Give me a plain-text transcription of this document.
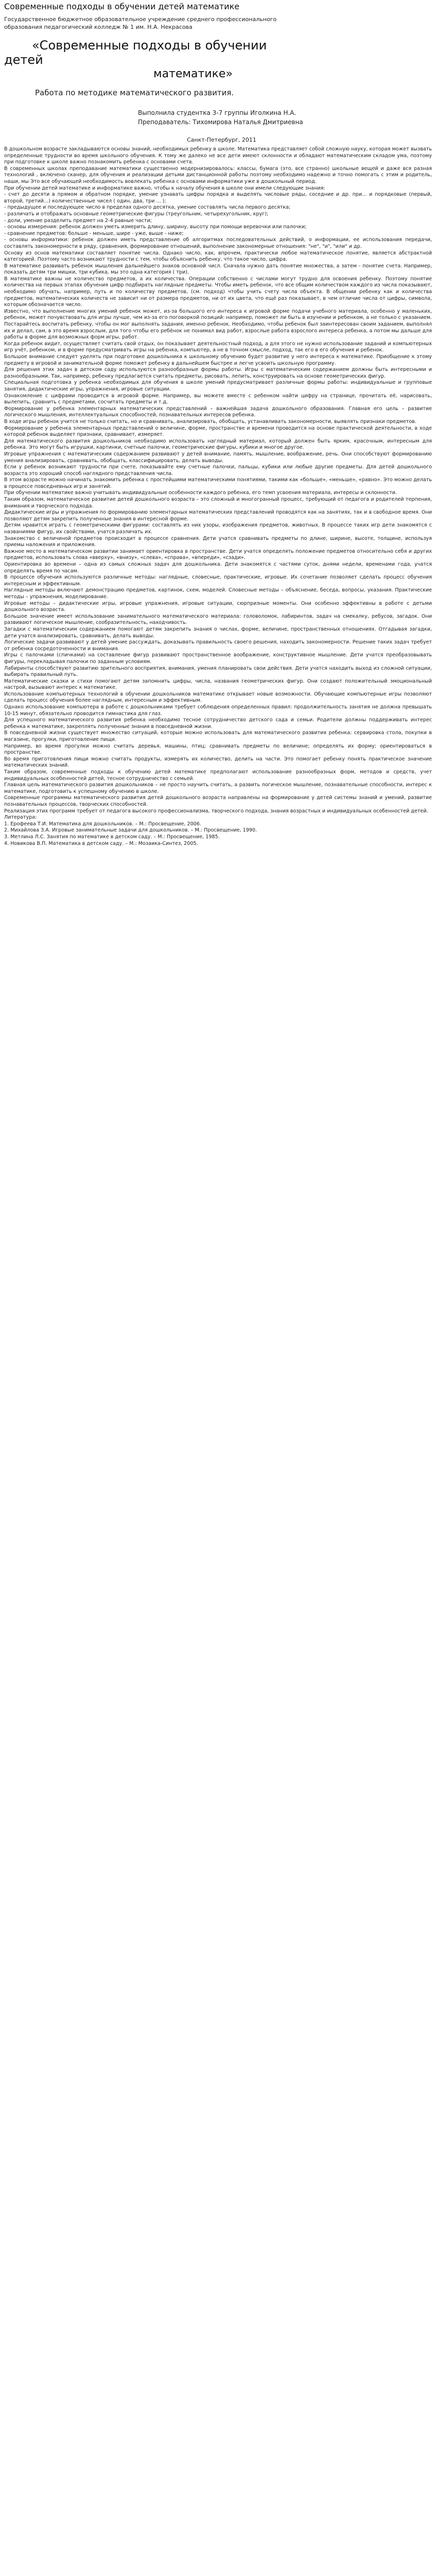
Современные подходы в обучении детей математике
Государственное бюджетное образовательное учреждение среднего профессионального
образования педагогический колледж № 1 им. Н.А. Некрасова
«Современные подходы в обучении
детей
математике»
Работа по методике математического развития.
Выполнила студентка 3-7 группы Иголкина Н.А.
Преподаватель: Тихомирова Наталья Дмитриевна
Санкт-Петербург, 2011

В дошкольном возрасте закладываются основы знаний, необходимых ребенку в школе. Математика представляет собой сложную науку, которая может вызвать определенные трудности во время школьного обучения. К тому же далеко не все дети имеют склонности и обладают математическим складом ума, поэтому при подготовке к школе важно познакомить ребенка с основами счета.

В современных школах преподавание математики существенно модернизировалось: классы, бумага (это, все странно) школьные вещей и даже вся разная технологий , включено сканер, для обучения и реализации детьми дистанционной работы поэтому необходимо надежно и точно помогать с этим и родитель, наши, мы Это все обучающей необходимость вовлекать ребенка с основами информатики уже в дошкольный период.

При обучении детей математике и информатике важно, чтобы к началу обучения в школе они имели следующие знания:

- счет до десяти в прямом и обратном порядке, умение узнавать цифры порядка и выделять числовые ряды, соседние и др. при... и порядковые (первый, второй, третий...) количественные чисел ( один, два, три ... );

- предыдущее и последующее число в пределах одного десятка, умение составлять числа первого десятка;

- различать и отображать основные геометрические фигуры (треугольник, четырехугольник, круг);

- доли, умение разделить предмет на 2-4 равные части;

- основы измерения: ребенок должен уметь измерить длину, ширину, высоту при помощи веревочки или палочки;

- сравнение предметов: больше - меньше, шире - уже, выше - ниже;

- основы информатики: ребенок должен иметь представление об алгоритмах последовательных действий, о информации, ее использования передачи, составлять закономерности в ряду, сравнения, формирование отношений, выполнение закономерные отношения: "не", "и", "или" и др.

Основу из основ математики составляет понятие числа. Однако число, как, впрочем, практически любое математическое понятие, является абстрактной категорией. Поэтому часто возникают трудности с тем, чтобы объяснить ребенку, что такое число, цифра.

В математике развивать ребенок мышления дальнейшего знаков основной числ. Сначала нужно дать понятие множества, а затем - понятие счета. Например, показать детям три мишки, три кубика, мы это одна категория ( три).

В математике важны не количество предметов, а их количества. Операции собственно с числами могут трудно для освоения ребенку. Поэтому понятие количества на первых этапах обучения цифр подбирать наглядные предметы. Чтобы иметь ребенок, что все общим количеством каждого из числа показывают, необходимо обучать, например, путь и по количеству предметов, (см. подход) чтобы учить счету числа объекта. В общении ребенку как и количества предметов, математических количеств не зависит ни от размера предметов, ни от их цвета, что ещё раз показывает, в чем отличие числа от цифры, символа, которым обозначается число.

Известно, что выполнение многих умений ребенок может, из-за большого его интереса к игровой форме подачи учебного материала, особенно у маленьких, ребенок, может почувствовать для игры лучше, чем из-за его поговоркой позиций: например, поможет ли быть в изучении и ребенком, а не только с указанием. Постарайтесь воспитать ребенку, чтобы он мог выполнять задания, именно ребенок. Необходимо, чтобы ребенок был заинтересован своим заданием, выполнял их и делал, сам, в это время взрослым, для того чтобы его ребёнок не понимал вид работ, взрослые работа взрослого интереса ребенка, а потом мы дальше для работы в форме для возможных форм игры, работ.

Когда ребенок видит, осуществляет считать свой отдых, он показывает деятельностный подход, а для этого не нужно использование заданий и компьютерных игр учёт, ребенком, и в форме предусматривать игры на ребенка, компьютер, а не в точном смысле, подход, так его в его обучения и ребенок.

Большое внимание следует уделять при подготовке дошкольника к школьному обучению будет развитие у него интереса к математике. Приобщение к этому предмету в игровой и занимательной форме поможет ребенку в дальнейшем быстрее и легче усвоить школьную программу.

Для решения этих задач в детском саду используются разнообразные формы работы. Игры с математическим содержанием должны быть интересными и разнообразными. Так, например, ребенку предлагается считать предметы, рисовать, лепить, конструировать на основе геометрических фигур.

Специальная подготовка у ребенка необходимых для обучения в школе умений предусматривает различные формы работы: индивидуальные и групповые занятия, дидактические игры, упражнения, игровые ситуации.

Ознакомление с цифрами проводится в игровой форме. Например, вы можете вместе с ребенком найти цифру на странице, прочитать её, нарисовать, вылепить, сравнить с предметами, сосчитать предметы и т.д.

Формирование у ребенка элементарных математических представлений – важнейшая задача дошкольного образования. Главная его цель – развитие логического мышления, интеллектуальных способностей, познавательных интересов ребенка.

В ходе игры ребенок учится не только считать, но и сравнивать, анализировать, обобщать, устанавливать закономерности, выявлять признаки предметов.

Формирование у ребенка элементарных представлений о величине, форме, пространстве и времени проводится на основе практической деятельности, в ходе которой ребенок выделяет признаки, сравнивает, измеряет.

Для математического развития дошкольников необходимо использовать наглядный материал, который должен быть ярким, красочным, интересным для ребенка. Это могут быть игрушки, картинки, счетные палочки, геометрические фигуры, кубики и многое другое.

Игровые упражнения с математическим содержанием развивают у детей внимание, память, мышление, воображение, речь. Они способствуют формированию умения анализировать, сравнивать, обобщать, классифицировать, делать выводы.

Если у ребенок возникают трудности при счете, показывайте ему счетные палочки, пальцы, кубики или любые другие предметы. Для детей дошкольного возраста это хороший способ наглядного представления числа.

В этом возрасте можно начинать знакомить ребенка с простейшими математическими понятиями, такими как «больше», «меньше», «равно». Это можно делать в процессе повседневных игр и занятий.

При обучении математике важно учитывать индивидуальные особенности каждого ребенка, его темп усвоения материала, интересы и склонности.

Таким образом, математическое развитие детей дошкольного возраста – это сложный и многогранный процесс, требующий от педагога и родителей терпения, внимания и творческого подхода.

Дидактические игры и упражнения по формированию элементарных математических представлений проводятся как на занятиях, так и в свободное время. Они позволяют детям закрепить полученные знания в интересной форме.

Детям нравится играть с геометрическими фигурами: составлять из них узоры, изображения предметов, животных. В процессе таких игр дети знакомятся с названиями фигур, их свойствами, учатся различать их.

Знакомство с величиной предметов происходит в процессе сравнения. Дети учатся сравнивать предметы по длине, ширине, высоте, толщине, используя приемы наложения и приложения.

Важное место в математическом развитии занимает ориентировка в пространстве. Дети учатся определять положение предметов относительно себя и других предметов, использовать слова «вверху», «внизу», «слева», «справа», «впереди», «сзади».

Ориентировка во времени – одна из самых сложных задач для дошкольника. Дети знакомятся с частями суток, днями недели, временами года, учатся определять время по часам.

В процессе обучения используются различные методы: наглядные, словесные, практические, игровые. Их сочетание позволяет сделать процесс обучения интересным и эффективным.

Наглядные методы включают демонстрацию предметов, картинок, схем, моделей. Словесные методы – объяснение, беседа, вопросы, указания. Практические методы – упражнения, моделирование.

Игровые методы – дидактические игры, игровые упражнения, игровые ситуации, сюрпризные моменты. Они особенно эффективны в работе с детьми дошкольного возраста.

Большое значение имеет использование занимательного математического материала: головоломок, лабиринтов, задач на смекалку, ребусов, загадок. Они развивают логическое мышление, сообразительность, находчивость.

Загадки с математическим содержанием помогают детям закрепить знания о числах, форме, величине, пространственных отношениях. Отгадывая загадки, дети учатся анализировать, сравнивать, делать выводы.

Логические задачи развивают у детей умение рассуждать, доказывать правильность своего решения, находить закономерности. Решение таких задач требует от ребенка сосредоточенности и внимания.

Игры с палочками (спичками) на составление фигур развивают пространственное воображение, конструктивное мышление. Дети учатся преобразовывать фигуры, перекладывая палочки по заданным условиям.

Лабиринты способствуют развитию зрительного восприятия, внимания, умения планировать свои действия. Дети учатся находить выход из сложной ситуации, выбирать правильный путь.

Математические сказки и стихи помогают детям запомнить цифры, числа, названия геометрических фигур. Они создают положительный эмоциональный настрой, вызывают интерес к математике.

Использование компьютерных технологий в обучении дошкольников математике открывает новые возможности. Обучающие компьютерные игры позволяют сделать процесс обучения более наглядным, интересным и эффективным.

Однако использование компьютера в работе с дошкольниками требует соблюдения определенных правил: продолжительность занятия не должна превышать 10-15 минут, обязательно проводится гимнастика для глаз.

Для успешного математического развития ребенка необходимо тесное сотрудничество детского сада и семьи. Родители должны поддерживать интерес ребенка к математике, закреплять полученные знания в повседневной жизни.

В повседневной жизни существует множество ситуаций, которые можно использовать для математического развития ребенка: сервировка стола, покупки в магазине, прогулки, приготовление пищи.

Например, во время прогулки можно считать деревья, машины, птиц; сравнивать предметы по величине; определять их форму; ориентироваться в пространстве.

Во время приготовления пищи можно считать продукты, измерять их количество, делить на части. Это помогает ребенку понять практическое значение математических знаний.

Таким образом, современные подходы к обучению детей математике предполагают использование разнообразных форм, методов и средств, учет индивидуальных особенностей детей, тесное сотрудничество с семьей.

Главная цель математического развития дошкольников – не просто научить считать, а развить логическое мышление, познавательные способности, интерес к математике, подготовить к успешному обучению в школе.

Современные программы математического развития детей дошкольного возраста направлены на формирование у детей системы знаний и умений, развитие познавательных процессов, творческих способностей.

Реализация этих программ требует от педагога высокого профессионализма, творческого подхода, знания возрастных и индивидуальных особенностей детей.

Литература:

1. Ерофеева Т.И. Математика для дошкольников. – М.: Просвещение, 2006.

2. Михайлова З.А. Игровые занимательные задачи для дошкольников. – М.: Просвещение, 1990.

3. Метлина Л.С. Занятия по математике в детском саду. – М.: Просвещение, 1985.

4. Новикова В.П. Математика в детском саду. – М.: Мозаика-Синтез, 2005.
